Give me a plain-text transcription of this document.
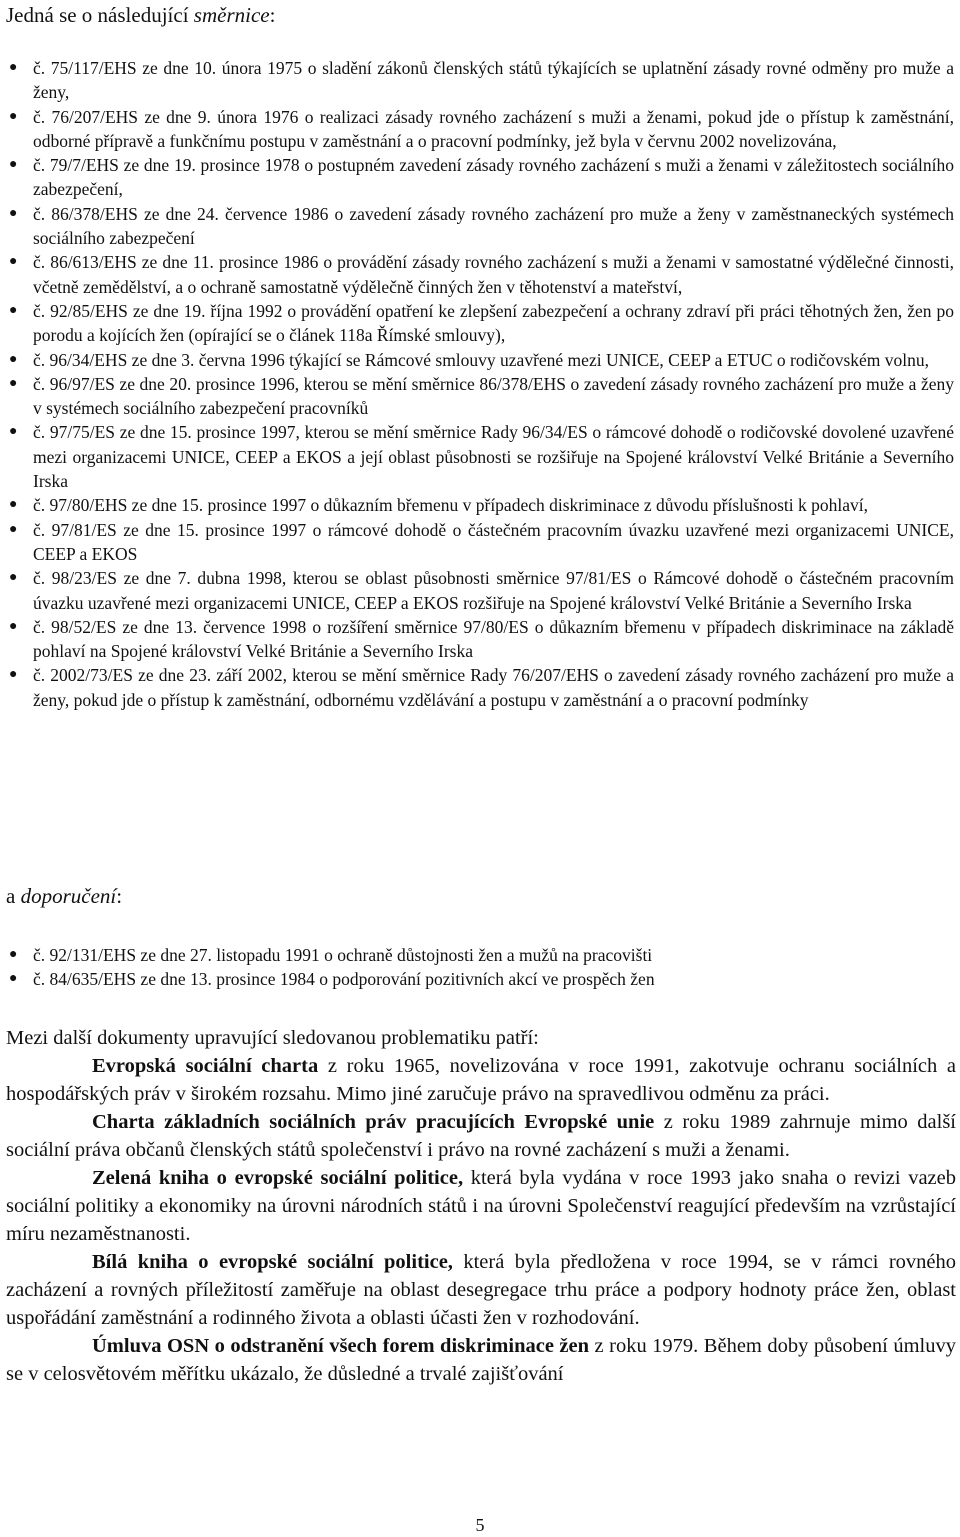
Jedná se o následující směrnice:
● č. 75/117/EHS ze dne 10. února 1975 o sladění zákonů členských států týkajících se uplatnění zásady rovné odměny pro muže a ženy,
● č. 76/207/EHS ze dne 9. února 1976 o realizaci zásady rovného zacházení s muži a ženami, pokud jde o přístup k zaměstnání, odborné přípravě a funkčnímu postupu v zaměstnání a o pracovní podmínky, jež byla v červnu 2002 novelizována,
● č. 79/7/EHS ze dne 19. prosince 1978 o postupném zavedení zásady rovného zacházení s muži a ženami v záležitostech sociálního zabezpečení,
● č. 86/378/EHS ze dne 24. července 1986 o zavedení zásady rovného zacházení pro muže a ženy v zaměstnaneckých systémech sociálního zabezpečení
● č. 86/613/EHS ze dne 11. prosince 1986 o provádění zásady rovného zacházení s muži a ženami v samostatné výdělečné činnosti, včetně zemědělství, a o ochraně samostatně výdělečně činných žen v těhotenství a mateřství,
● č. 92/85/EHS ze dne 19. října 1992 o provádění opatření ke zlepšení zabezpečení a ochrany zdraví při práci těhotných žen, žen po porodu a kojících žen (opírající se o článek 118a Římské smlouvy),
● č. 96/34/EHS ze dne 3. června 1996 týkající se Rámcové smlouvy uzavřené mezi UNICE, CEEP a ETUC o rodičovském volnu,
● č. 96/97/ES ze dne 20. prosince 1996, kterou se mění směrnice 86/378/EHS o zavedení zásady rovného zacházení pro muže a ženy v systémech sociálního zabezpečení pracovníků
● č. 97/75/ES ze dne 15. prosince 1997, kterou se mění směrnice Rady 96/34/ES o rámcové dohodě o rodičovské dovolené uzavřené mezi organizacemi UNICE, CEEP a EKOS a její oblast působnosti se rozšiřuje na Spojené království Velké Británie a Severního Irska
● č. 97/80/EHS ze dne 15. prosince 1997 o důkazním břemenu v případech diskriminace z důvodu příslušnosti k pohlaví,
● č. 97/81/ES ze dne 15. prosince 1997 o rámcové dohodě o částečném pracovním úvazku uzavřené mezi organizacemi UNICE, CEEP a EKOS
● č. 98/23/ES ze dne 7. dubna 1998, kterou se oblast působnosti směrnice 97/81/ES o Rámcové dohodě o částečném pracovním úvazku uzavřené mezi organizacemi UNICE, CEEP a EKOS rozšiřuje na Spojené království Velké Británie a Severního Irska
● č. 98/52/ES ze dne 13. července 1998 o rozšíření směrnice 97/80/ES o důkazním břemenu v případech diskriminace na základě pohlaví na Spojené království Velké Británie a Severního Irska
● č. 2002/73/ES ze dne 23. září 2002, kterou se mění směrnice Rady 76/207/EHS o zavedení zásady rovného zacházení pro muže a ženy, pokud jde o přístup k zaměstnání, odbornému vzdělávání a postupu v zaměstnání a o pracovní podmínky
a doporučení:
● č. 92/131/EHS ze dne 27. listopadu 1991 o ochraně důstojnosti žen a mužů na pracovišti
● č. 84/635/EHS ze dne 13. prosince 1984 o podporování pozitivních akcí ve prospěch žen
Mezi další dokumenty upravující sledovanou problematiku patří:

Evropská sociální charta z roku 1965, novelizována v roce 1991, zakotvuje ochranu sociálních a hospodářských práv v širokém rozsahu. Mimo jiné zaručuje právo na spravedlivou odměnu za práci.

Charta základních sociálních práv pracujících Evropské unie z roku 1989 zahrnuje mimo další sociální práva občanů členských států společenství i právo na rovné zacházení s muži a ženami.

Zelená kniha o evropské sociální politice, která byla vydána v roce 1993 jako snaha o revizi vazeb sociální politiky a ekonomiky na úrovni národních států i na úrovni Společenství reagující především na vzrůstající míru nezaměstnanosti.

Bílá kniha o evropské sociální politice, která byla předložena v roce 1994, se v rámci rovného zacházení a rovných příležitostí zaměřuje na oblast desegregace trhu práce a podpory hodnoty práce žen, oblast uspořádání zaměstnání a rodinného života a oblasti účasti žen v rozhodování.

Úmluva OSN o odstranění všech forem diskriminace žen z roku 1979. Během doby působení úmluvy se v celosvětovém měřítku ukázalo, že důsledné a trvalé zajišťování

5
